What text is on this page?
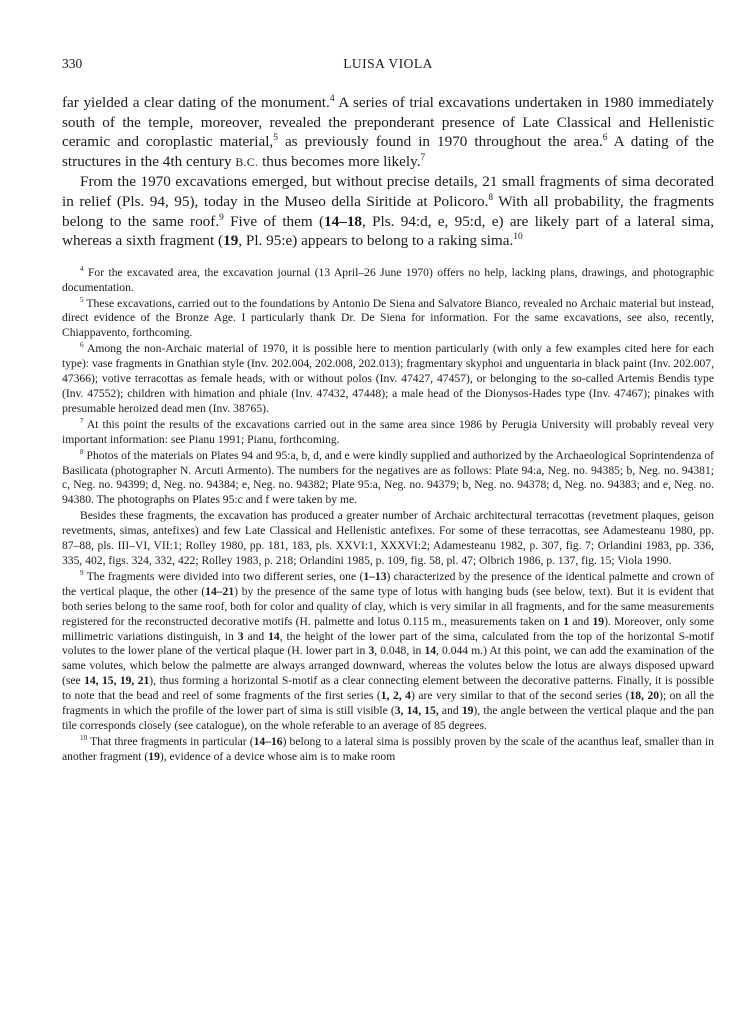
330	LUISA VIOLA

far yielded a clear dating of the monument.$^4$ A series of trial excavations undertaken in 1980 immediately south of the temple, moreover, revealed the preponderant presence of Late Classical and Hellenistic ceramic and coroplastic material,$^5$ as previously found in 1970 throughout the area.$^6$ A dating of the structures in the 4th century B.C. thus becomes more likely.$^7$

From the 1970 excavations emerged, but without precise details, 21 small fragments of sima decorated in relief (Pls. 94, 95), today in the Museo della Siritide at Policoro.$^8$ With all probability, the fragments belong to the same roof.$^9$ Five of them (14–18, Pls. 94:d, e, 95:d, e) are likely part of a lateral sima, whereas a sixth fragment (19, Pl. 95:e) appears to belong to a raking sima.$^{10}$

$^4$ For the excavated area, the excavation journal (13 April–26 June 1970) offers no help, lacking plans, drawings, and photographic documentation.

$^5$ These excavations, carried out to the foundations by Antonio De Siena and Salvatore Bianco, revealed no Archaic material but instead, direct evidence of the Bronze Age. I particularly thank Dr. De Siena for information. For the same excavations, see also, recently, Chiappavento, forthcoming.

$^6$ Among the non-Archaic material of 1970, it is possible here to mention particularly (with only a few examples cited here for each type): vase fragments in Gnathian style (Inv. 202.004, 202.008, 202.013); fragmentary skyphoi and unguentaria in black paint (Inv. 202.007, 47366); votive terracottas as female heads, with or without polos (Inv. 47427, 47457), or belonging to the so-called Artemis Bendis type (Inv. 47552); children with himation and phiale (Inv. 47432, 47448); a male head of the Dionysos-Hades type (Inv. 47467); pinakes with presumable heroized dead men (Inv. 38765).

$^7$ At this point the results of the excavations carried out in the same area since 1986 by Perugia University will probably reveal very important information: see Pianu 1991; Pianu, forthcoming.

$^8$ Photos of the materials on Plates 94 and 95:a, b, d, and e were kindly supplied and authorized by the Archaeological Soprintendenza of Basilicata (photographer N. Arcuti Armento). The numbers for the negatives are as follows: Plate 94:a, Neg. no. 94385; b, Neg. no. 94381; c, Neg. no. 94399; d, Neg. no. 94384; e, Neg. no. 94382; Plate 95:a, Neg. no. 94379; b, Neg. no. 94378; d, Neg. no. 94383; and e, Neg. no. 94380. The photographs on Plates 95:c and f were taken by me.

Besides these fragments, the excavation has produced a greater number of Archaic architectural terracottas (revetment plaques, geison revetments, simas, antefixes) and few Late Classical and Hellenistic antefixes. For some of these terracottas, see Adamesteanu 1980, pp. 87–88, pls. III–VI, VII:1; Rolley 1980, pp. 181, 183, pls. XXVI:1, XXXVI:2; Adamesteanu 1982, p. 307, fig. 7; Orlandini 1983, pp. 336, 335, 402, figs. 324, 332, 422; Rolley 1983, p. 218; Orlandini 1985, p. 109, fig. 58, pl. 47; Olbrich 1986, p. 137, fig. 15; Viola 1990.

$^9$ The fragments were divided into two different series, one (1–13) characterized by the presence of the identical palmette and crown of the vertical plaque, the other (14–21) by the presence of the same type of lotus with hanging buds (see below, text). But it is evident that both series belong to the same roof, both for color and quality of clay, which is very similar in all fragments, and for the same measurements registered for the reconstructed decorative motifs (H. palmette and lotus 0.115 m., measurements taken on 1 and 19). Moreover, only some millimetric variations distinguish, in 3 and 14, the height of the lower part of the sima, calculated from the top of the horizontal S-motif volutes to the lower plane of the vertical plaque (H. lower part in 3, 0.048, in 14, 0.044 m.) At this point, we can add the examination of the same volutes, which below the palmette are always arranged downward, whereas the volutes below the lotus are always disposed upward (see 14, 15, 19, 21), thus forming a horizontal S-motif as a clear connecting element between the decorative patterns. Finally, it is possible to note that the bead and reel of some fragments of the first series (1, 2, 4) are very similar to that of the second series (18, 20); on all the fragments in which the profile of the lower part of sima is still visible (3, 14, 15, and 19), the angle between the vertical plaque and the pan tile corresponds closely (see catalogue), on the whole referable to an average of 85 degrees.

$^{10}$ That three fragments in particular (14–16) belong to a lateral sima is possibly proven by the scale of the acanthus leaf, smaller than in another fragment (19), evidence of a device whose aim is to make room
